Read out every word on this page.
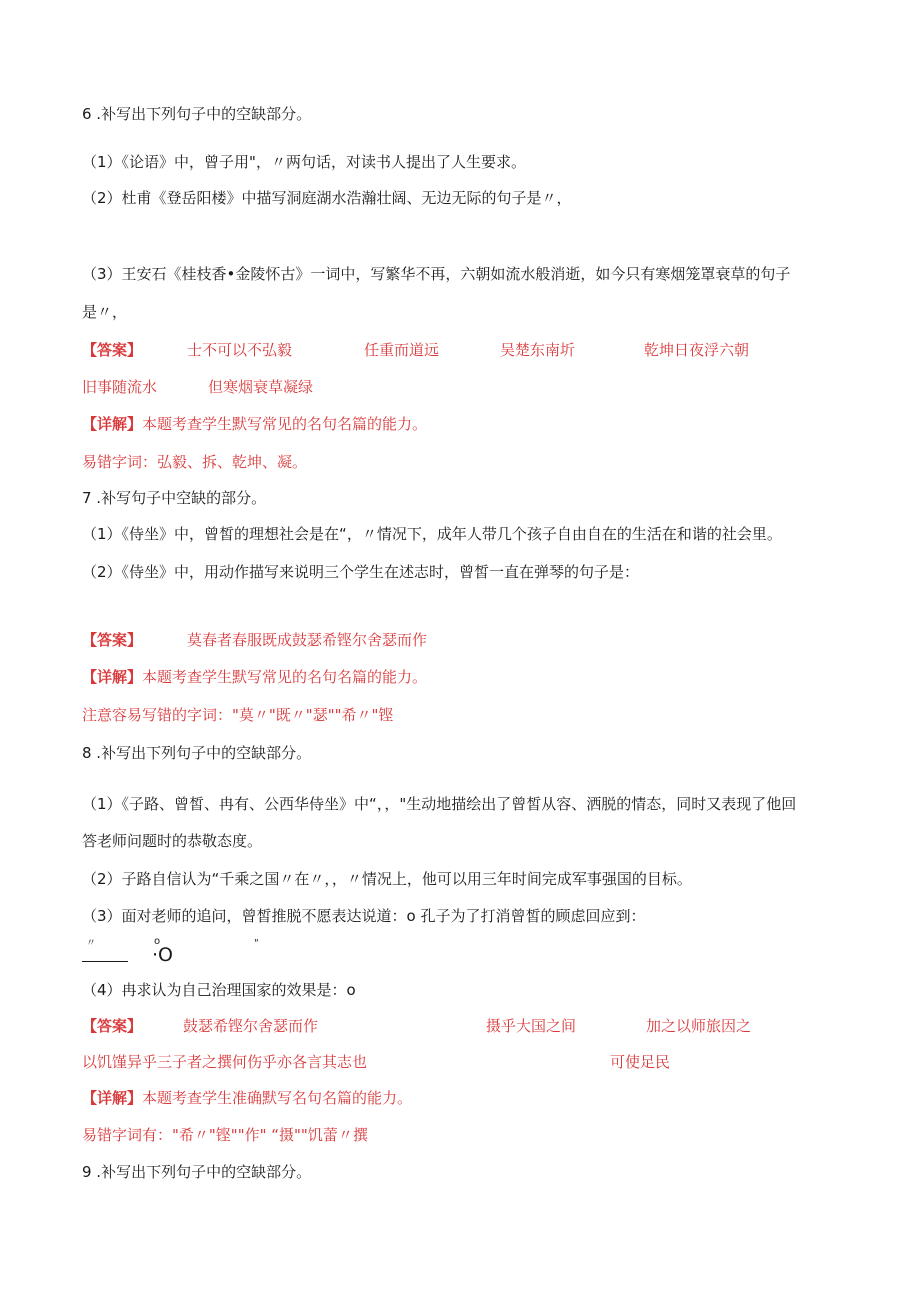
6 .补写出下列句子中的空缺部分。
（1）《论语》中，曾子用"，〃两句话，对读书人提出了人生要求。
（2）杜甫《登岳阳楼》中描写洞庭湖水浩瀚壮阔、无边无际的句子是〃，
（3）王安石《桂枝香•金陵怀古》一词中，写繁华不再，六朝如流水般消逝，如今只有寒烟笼罩衰草的句子
是〃，
【答案】	士不可以不弘毅	任重而道远	吴楚东南圻	乾坤日夜浮六朝
旧事随流水	但寒烟衰草凝绿
【详解】本题考查学生默写常见的名句名篇的能力。
易错字词：弘毅、拆、乾坤、凝。
7 .补写句子中空缺的部分。
（1）《侍坐》中，曾皙的理想社会是在“，〃情况下，成年人带几个孩子自由自在的生活在和谐的社会里。
（2）《侍坐》中，用动作描写来说明三个学生在述志时，曾皙一直在弹琴的句子是：
【答案】	莫春者春服既成鼓瑟希铿尔舍瑟而作
【详解】本题考查学生默写常见的名句名篇的能力。
注意容易写错的字词："莫〃"既〃"瑟""希〃"铿
8 .补写出下列句子中的空缺部分。
（1）《子路、曾皙、冉有、公西华侍坐》中“，，"生动地描绘出了曾皙从容、洒脱的情态，同时又表现了他回
答老师问题时的恭敬态度。
（2）子路自信认为“千乘之国〃在〃，，〃情况上，他可以用三年时间完成军事强国的目标。
（3）面对老师的追问，曾皙推脱不愿表达说道：o 孔子为了打消曾皙的顾虑回应到：
〃	o	"
·O
（4）冉求认为自己治理国家的效果是：o
【答案】	鼓瑟希铿尔舍瑟而作	摄乎大国之间	加之以师旅因之
以饥馑异乎三子者之撰何伤乎亦各言其志也	可使足民
【详解】本题考查学生准确默写名句名篇的能力。
易错字词有："希〃"铿""作" “摄""饥蕾〃撰
9 .补写出下列句子中的空缺部分。
